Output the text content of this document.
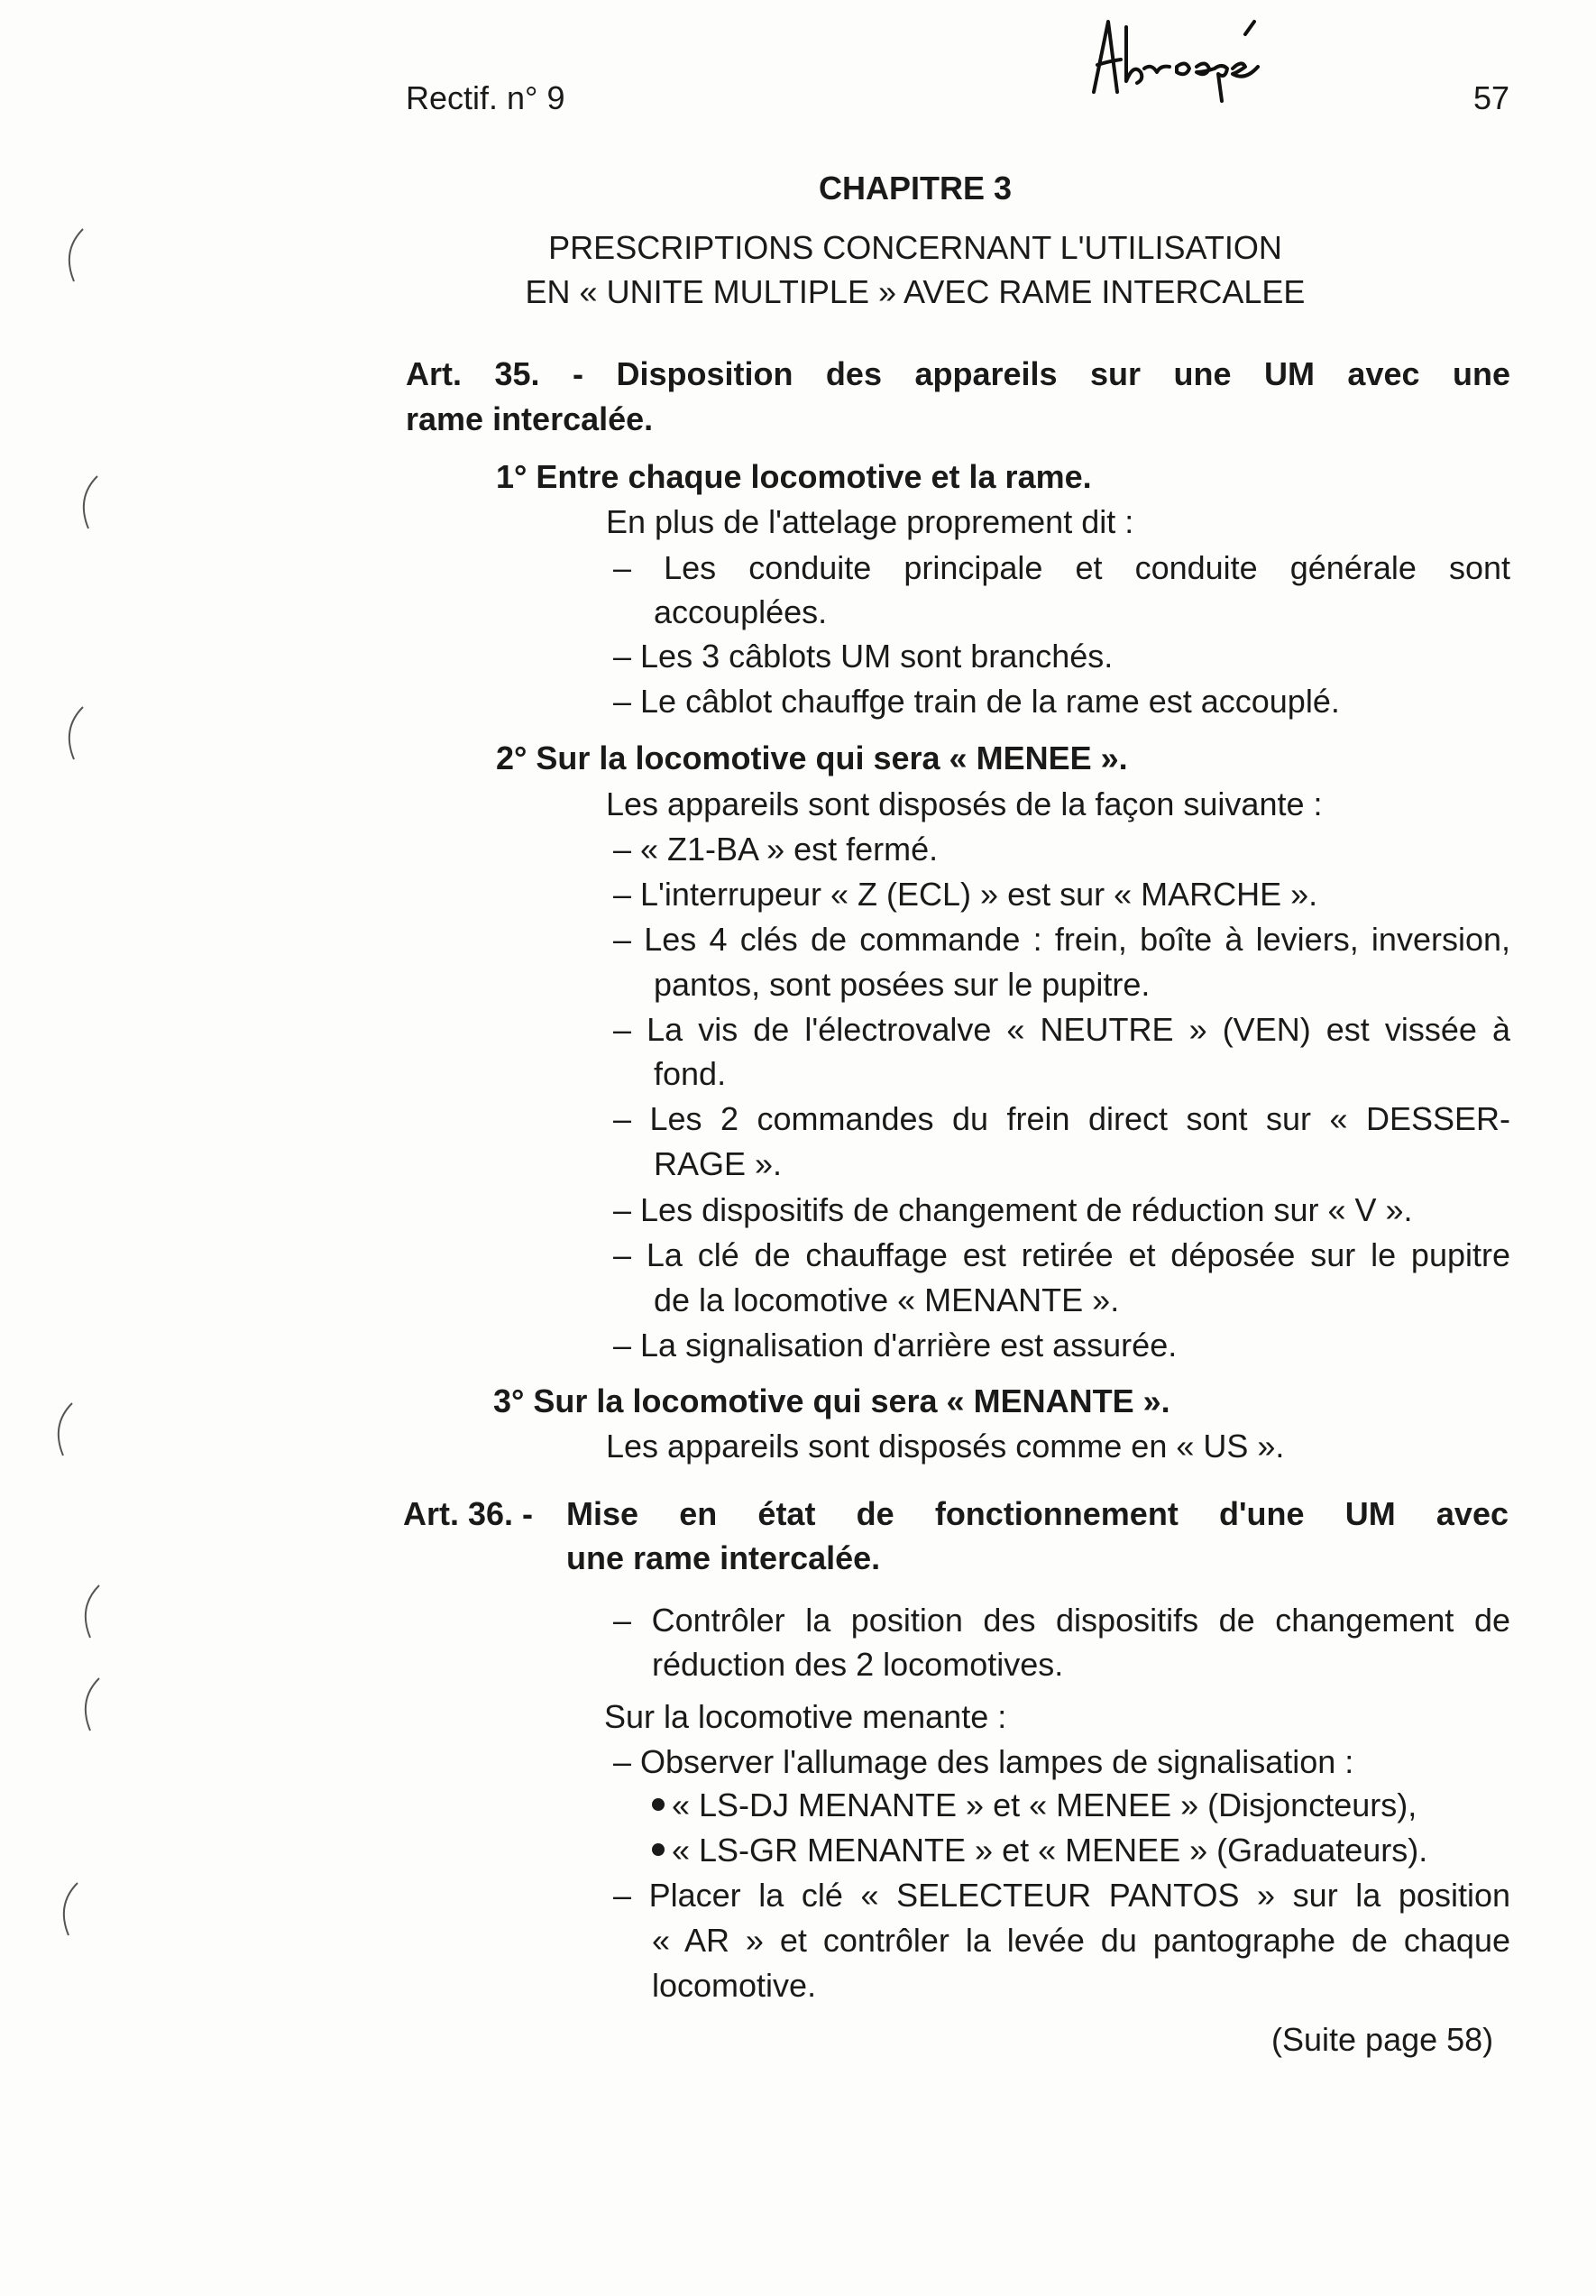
Rectif. n° 9	57
CHAPITRE 3
PRESCRIPTIONS CONCERNANT L'UTILISATION
EN « UNITE MULTIPLE » AVEC RAME INTERCALEE
Art. 35. - Disposition des appareils sur une UM avec une
rame intercalée.
1° Entre chaque locomotive et la rame.
En plus de l'attelage proprement dit :
– Les conduite principale et conduite générale sont
accouplées.
– Les 3 câblots UM sont branchés.
– Le câblot chauffge train de la rame est accouplé.
2° Sur la locomotive qui sera « MENEE ».
Les appareils sont disposés de la façon suivante :
– « Z1-BA » est fermé.
– L'interrupeur « Z (ECL) » est sur « MARCHE ».
– Les 4 clés de commande : frein, boîte à leviers, inversion,
pantos, sont posées sur le pupitre.
– La vis de l'électrovalve « NEUTRE » (VEN) est vissée à
fond.
– Les 2 commandes du frein direct sont sur « DESSER-
RAGE ».
– Les dispositifs de changement de réduction sur « V ».
– La clé de chauffage est retirée et déposée sur le pupitre
de la locomotive « MENANTE ».
– La signalisation d'arrière est assurée.
3° Sur la locomotive qui sera « MENANTE ».
Les appareils sont disposés comme en « US ».
Art. 36. - Mise en état de fonctionnement d'une UM avec
une rame intercalée.
– Contrôler la position des dispositifs de changement de
réduction des 2 locomotives.
Sur la locomotive menante :
– Observer l'allumage des lampes de signalisation :
« LS-DJ MENANTE » et « MENEE » (Disjoncteurs),
« LS-GR MENANTE » et « MENEE » (Graduateurs).
– Placer la clé « SELECTEUR PANTOS » sur la position
« AR » et contrôler la levée du pantographe de chaque
locomotive.
(Suite page 58)
